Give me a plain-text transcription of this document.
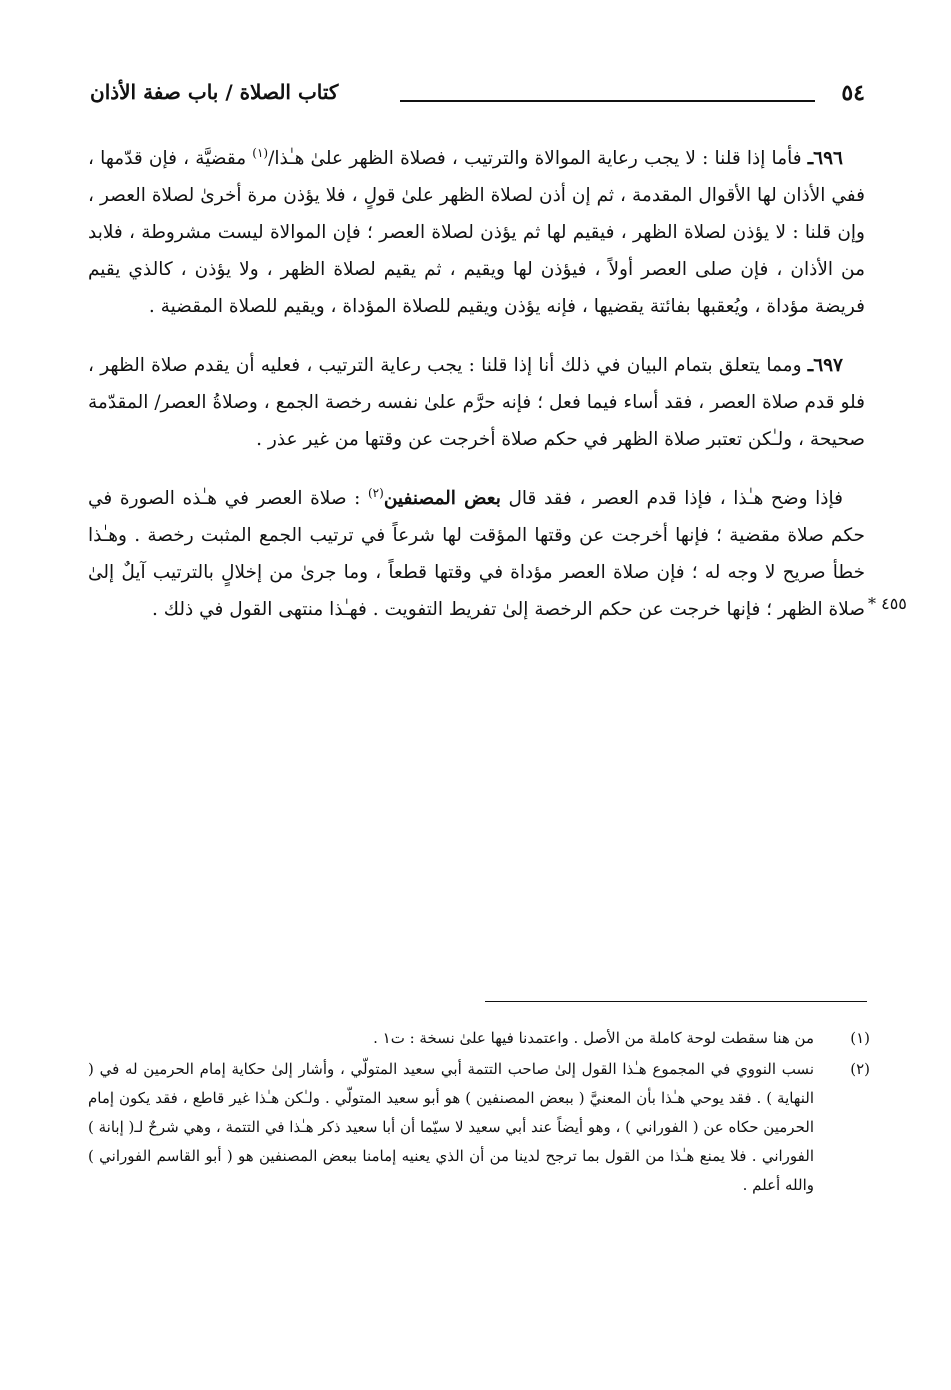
٥٤
كتاب الصلاة / باب صفة الأذان
٤٥٥ *

٦٩٦ـ فأما إذا قلنا : لا يجب رعاية الموالاة والترتيب ، فصلاة الظهر علىٰ هـٰذا/$^{(١)}$ مقضيَّة ، فإن قدّمها ، ففي الأذان لها الأقوال المقدمة ، ثم إن أذن لصلاة الظهر علىٰ قولٍ ، فلا يؤذن مرة أخرىٰ لصلاة العصر ، وإن قلنا : لا يؤذن لصلاة الظهر ، فيقيم لها ثم يؤذن لصلاة العصر ؛ فإن الموالاة ليست مشروطة ، فلابد من الأذان ، فإن صلى العصر أولاً ، فيؤذن لها ويقيم ، ثم يقيم لصلاة الظهر ، ولا يؤذن ، كالذي يقيم فريضة مؤداة ، ويُعقبها بفائتة يقضيها ، فإنه يؤذن ويقيم للصلاة المؤداة ، ويقيم للصلاة المقضية .

٦٩٧ـ ومما يتعلق بتمام البيان في ذلك أنا إذا قلنا : يجب رعاية الترتيب ، فعليه أن يقدم صلاة الظهر ، فلو قدم صلاة العصر ، فقد أساء فيما فعل ؛ فإنه حرَّم علىٰ نفسه رخصة الجمع ، وصلاةُ العصر/ المقدّمة صحيحة ، ولـٰكن تعتبر صلاة الظهر في حكم صلاة أخرجت عن وقتها من غير عذر .

فإذا وضح هـٰذا ، فإذا قدم العصر ، فقد قال بعض المصنفين$^{(٢)}$ : صلاة العصر في هـٰذه الصورة في حكم صلاة مقضية ؛ فإنها أخرجت عن وقتها المؤقت لها شرعاً في ترتيب الجمع المثبت رخصة . وهـٰذا خطأ صريح لا وجه له ؛ فإن صلاة العصر مؤداة في وقتها قطعاً ، وما جرىٰ من إخلالٍ بالترتيب آيلٌ إلىٰ صلاة الظهر ؛ فإنها خرجت عن حكم الرخصة إلىٰ تفريط التفويت . فهـٰذا منتهى القول في ذلك .

(١)
من هنا سقطت لوحة كاملة من الأصل . واعتمدنا فيها علىٰ نسخة : ت١ .
(٢)
نسب النووي في المجموع هـٰذا القول إلىٰ صاحب التتمة أبي سعيد المتولّي ، وأشار إلىٰ حكاية إمام الحرمين له في ( النهاية ) . فقد يوحي هـٰذا بأن المعنيَّ ( ببعض المصنفين ) هو أبو سعيد المتولّي . ولـٰكن هـٰذا غير قاطع ، فقد يكون إمام الحرمين حكاه عن ( الفوراني ) ، وهو أيضاً عند أبي سعيد لا سيّما أن أبا سعيد ذكر هـٰذا في التتمة ، وهي شرحٌ لـ( إبانة ) الفوراني . فلا يمنع هـٰذا من القول بما ترجح لدينا من أن الذي يعنيه إمامنا ببعض المصنفين هو ( أبو القاسم الفوراني ) والله أعلم .
